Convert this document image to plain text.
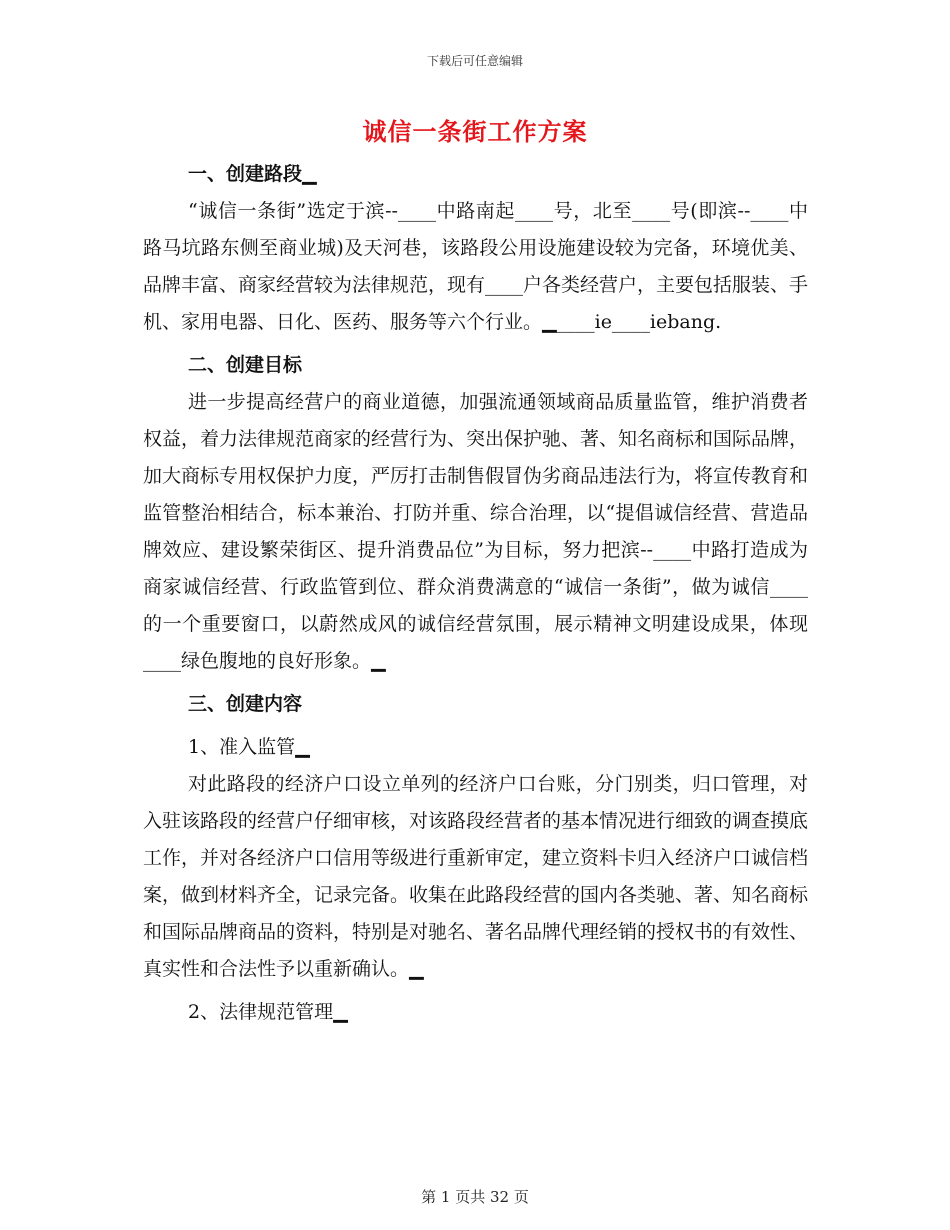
下载后可任意编辑
诚信一条街工作方案
一、创建路段▁

“诚信一条街”选定于滨--____中路南起____号，北至____号(即滨--____中路马坑路东侧至商业城)及天河巷，该路段公用设施建设较为完备，环境优美、品牌丰富、商家经营较为法律规范，现有____户各类经营户，主要包括服装、手机、家用电器、日化、医药、服务等六个行业。▁____ie____iebang.

二、创建目标

进一步提高经营户的商业道德，加强流通领域商品质量监管，维护消费者权益，着力法律规范商家的经营行为、突出保护驰、著、知名商标和国际品牌，加大商标专用权保护力度，严厉打击制售假冒伪劣商品违法行为，将宣传教育和监管整治相结合，标本兼治、打防并重、综合治理，以“提倡诚信经营、营造品牌效应、建设繁荣街区、提升消费品位”为目标，努力把滨--____中路打造成为商家诚信经营、行政监管到位、群众消费满意的“诚信一条街”，做为诚信____的一个重要窗口，以蔚然成风的诚信经营氛围，展示精神文明建设成果，体现____绿色腹地的良好形象。▁

三、创建内容
1、准入监管▁

对此路段的经济户口设立单列的经济户口台账，分门别类，归口管理，对入驻该路段的经营户仔细审核，对该路段经营者的基本情况进行细致的调查摸底工作，并对各经济户口信用等级进行重新审定，建立资料卡归入经济户口诚信档案，做到材料齐全，记录完备。收集在此路段经营的国内各类驰、著、知名商标和国际品牌商品的资料，特别是对驰名、著名品牌代理经销的授权书的有效性、真实性和合法性予以重新确认。▁

2、法律规范管理▁
第 1 页共 32 页
